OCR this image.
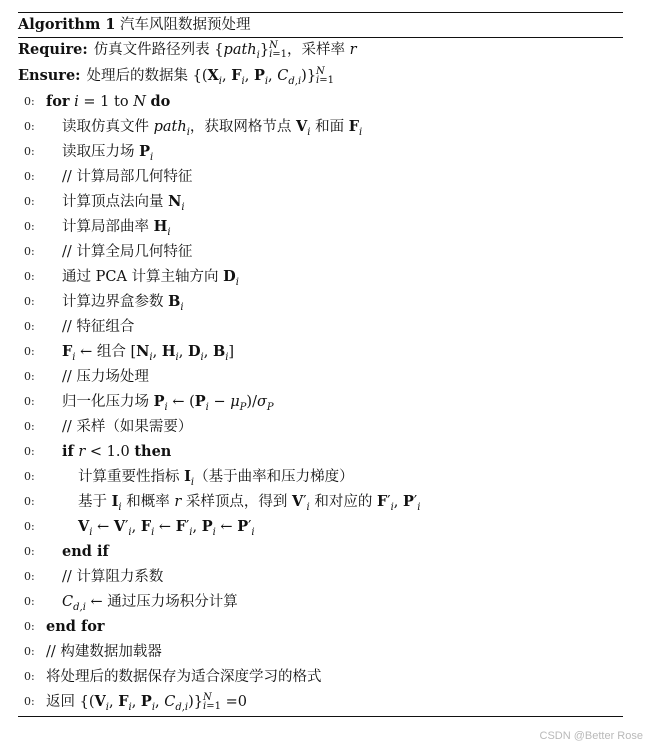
Algorithm 1 汽车风阻数据预处理
Require: 仿真文件路径列表 {path$_i$}N
i=1，采样率 r
Ensure: 处理后的数据集 {($X_i$, $F_i$, $P_i$, $C_{d,i})\}N$
i=1
0: for i = 1 to N do
0: 读取仿真文件 path$_i$，获取网格节点 $V_i$ 和面 $F_i$
0: 读取压力场 $P_i$
0: // 计算局部几何特征
0: 计算顶点法向量 $N_i$
0: 计算局部曲率 $H_i$
0: // 计算全局几何特征
0: 通过 PCA 计算主轴方向 $D_i$
0: 计算边界盒参数 $B_i$
0: // 特征组合
0: $F_i$ ← 组合 [$N_i$, $H_i$, $D_i$, $B_i$]
0: // 压力场处理
0: 归一化压力场 $P_i$ ← $(P_i - \mu_P)/\sigma_P$
0: // 采样（如果需要）
0: if r < 1.0 then
0:	计算重要性指标 $I_i$（基于曲率和压力梯度）
0:	基于 $I_i$ 和概率 r 采样顶点，得到 $V'_i$ 和对应的 $F'_i$, $P'_i$
0:	$V_i$ ← $V'_i$, $F_i$ ← $F'_i$, $P_i$ ← $P'_i$
0: end if
0: // 计算阻力系数
0: $C_{d,i}$ ← 通过压力场积分计算
0: end for
0: // 构建数据加载器
0: 将处理后的数据保存为适合深度学习的格式
0: 返回 {($V_i$, $F_i$, $P_i$, $C_{d,i})\}N$
i=1 =0
CSDN @Better Rose
